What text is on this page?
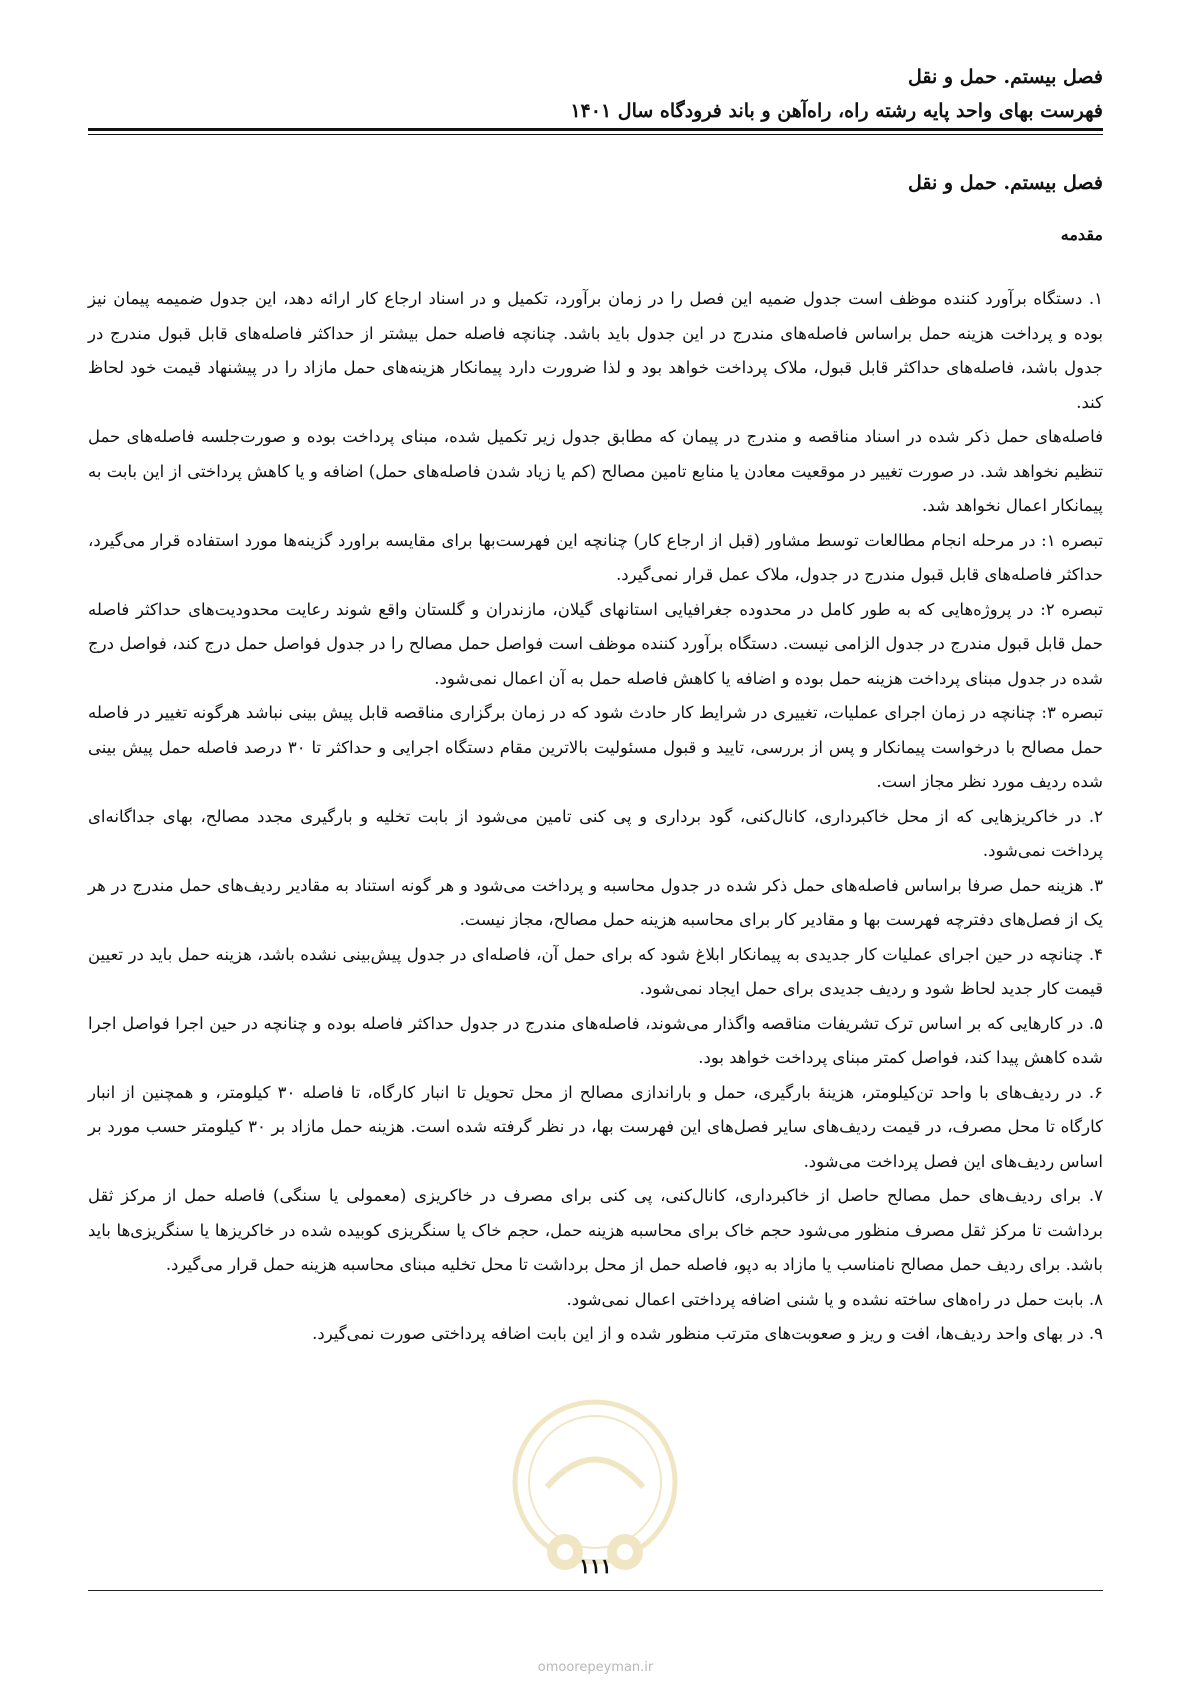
فصل بیستم. حمل و نقل
فهرست بهای واحد پایه رشته راه، راه‌آهن و باند فرودگاه سال ۱۴۰۱
فصل بیستم. حمل و نقل
مقدمه

۱. دستگاه برآورد کننده موظف است جدول ضمیه این فصل را در زمان برآورد، تکمیل و در اسناد ارجاع کار ارائه دهد، این جدول ضمیمه پیمان نیز بوده و پرداخت هزینه حمل براساس فاصله‌های مندرج در این جدول باید باشد. چنانچه فاصله حمل بیشتر از حداکثر فاصله‌های قابل قبول مندرج در جدول باشد، فاصله‌های حداکثر قابل قبول، ملاک پرداخت خواهد بود و لذا ضرورت دارد پیمانکار هزینه‌های حمل مازاد را در پیشنهاد قیمت خود لحاظ کند.

فاصله‌های حمل ذکر شده در اسناد مناقصه و مندرج در پیمان که مطابق جدول زیر تکمیل شده، مبنای پرداخت بوده و صورت‌جلسه فاصله‌های حمل تنظیم نخواهد شد. در صورت تغییر در موقعیت معادن یا منابع تامین مصالح (کم یا زیاد شدن فاصله‌های حمل) اضافه و یا کاهش پرداختی از این بابت به پیمانکار اعمال نخواهد شد.

تبصره ۱: در مرحله انجام مطالعات توسط مشاور (قبل از ارجاع کار) چنانچه این فهرست‌بها برای مقایسه براورد گزینه‌ها مورد استفاده قرار می‌گیرد، حداکثر فاصله‌های قابل قبول مندرج در جدول، ملاک عمل قرار نمی‌گیرد.

تبصره ۲: در پروژه‌هایی که به طور کامل در محدوده جغرافیایی استانهای گیلان، مازندران و گلستان واقع شوند رعایت محدودیت‌های حداکثر فاصله حمل قابل قبول مندرج در جدول الزامی نیست. دستگاه برآورد کننده موظف است فواصل حمل مصالح را در جدول فواصل حمل درج کند، فواصل درج شده در جدول مبنای پرداخت هزینه حمل بوده و اضافه یا کاهش فاصله حمل به آن اعمال نمی‌شود.

تبصره ۳: چنانچه در زمان اجرای عملیات، تغییری در شرایط کار حادث شود که در زمان برگزاری مناقصه قابل پیش بینی نباشد هرگونه تغییر در فاصله حمل مصالح با درخواست پیمانکار و پس از بررسی، تایید و قبول مسئولیت بالاترین مقام دستگاه اجرایی و حداکثر تا ۳۰ درصد فاصله حمل پیش بینی شده ردیف مورد نظر مجاز است.

۲. در خاکریزهایی که از محل خاکبرداری، کانال‌کنی، گود برداری و پی کنی تامین می‌شود از بابت تخلیه و بارگیری مجدد مصالح، بهای جداگانه‌ای پرداخت نمی‌شود.

۳. هزینه حمل صرفا براساس فاصله‌های حمل ذکر شده در جدول محاسبه و پرداخت می‌شود و هر گونه استناد به مقادیر ردیف‌های حمل مندرج در هر یک از فصل‌های دفترچه فهرست بها و مقادیر کار برای محاسبه هزینه حمل مصالح، مجاز نیست.

۴. چنانچه در حین اجرای عملیات کار جدیدی به پیمانکار ابلاغ شود که برای حمل آن، فاصله‌ای در جدول پیش‌بینی نشده باشد، هزینه حمل باید در تعیین قیمت کار جدید لحاظ شود و ردیف جدیدی برای حمل ایجاد نمی‌شود.

۵. در کارهایی که بر اساس ترک تشریفات مناقصه واگذار می‌شوند، فاصله‌های مندرج در جدول حداکثر فاصله بوده و چنانچه در حین اجرا فواصل اجرا شده کاهش پیدا کند، فواصل کمتر مبنای پرداخت خواهد بود.

۶. در ردیف‌های با واحد تن‌کیلومتر، هزینهٔ بارگیری، حمل و باراندازی مصالح از محل تحویل تا انبار کارگاه، تا فاصله ۳۰ کیلومتر، و همچنین از انبار کارگاه تا محل مصرف، در قیمت ردیف‌های سایر فصل‌های این فهرست بها، در نظر گرفته شده است. هزینه حمل مازاد بر ۳۰ کیلومتر حسب مورد بر اساس ردیف‌های این فصل پرداخت می‌شود.

۷. برای ردیف‌های حمل مصالح حاصل از خاکبرداری، کانال‌کنی، پی کنی برای مصرف در خاکریزی (معمولی یا سنگی) فاصله حمل از مرکز ثقل برداشت تا مرکز ثقل مصرف منظور می‌شود حجم خاک برای محاسبه هزینه حمل، حجم خاک یا سنگریزی کوبیده شده در خاکریزها یا سنگریزی‌ها باید باشد. برای ردیف حمل مصالح نامناسب یا مازاد به دپو، فاصله حمل از محل برداشت تا محل تخلیه مبنای محاسبه هزینه حمل قرار می‌گیرد.

۸. بابت حمل در راه‌های ساخته نشده و یا شنی اضافه پرداختی اعمال نمی‌شود.

۹. در بهای واحد ردیف‌ها، افت و ریز و صعوبت‌های مترتب منظور شده و از این بابت اضافه پرداختی صورت نمی‌گیرد.

۱۱۱
omoorepeyman.ir
